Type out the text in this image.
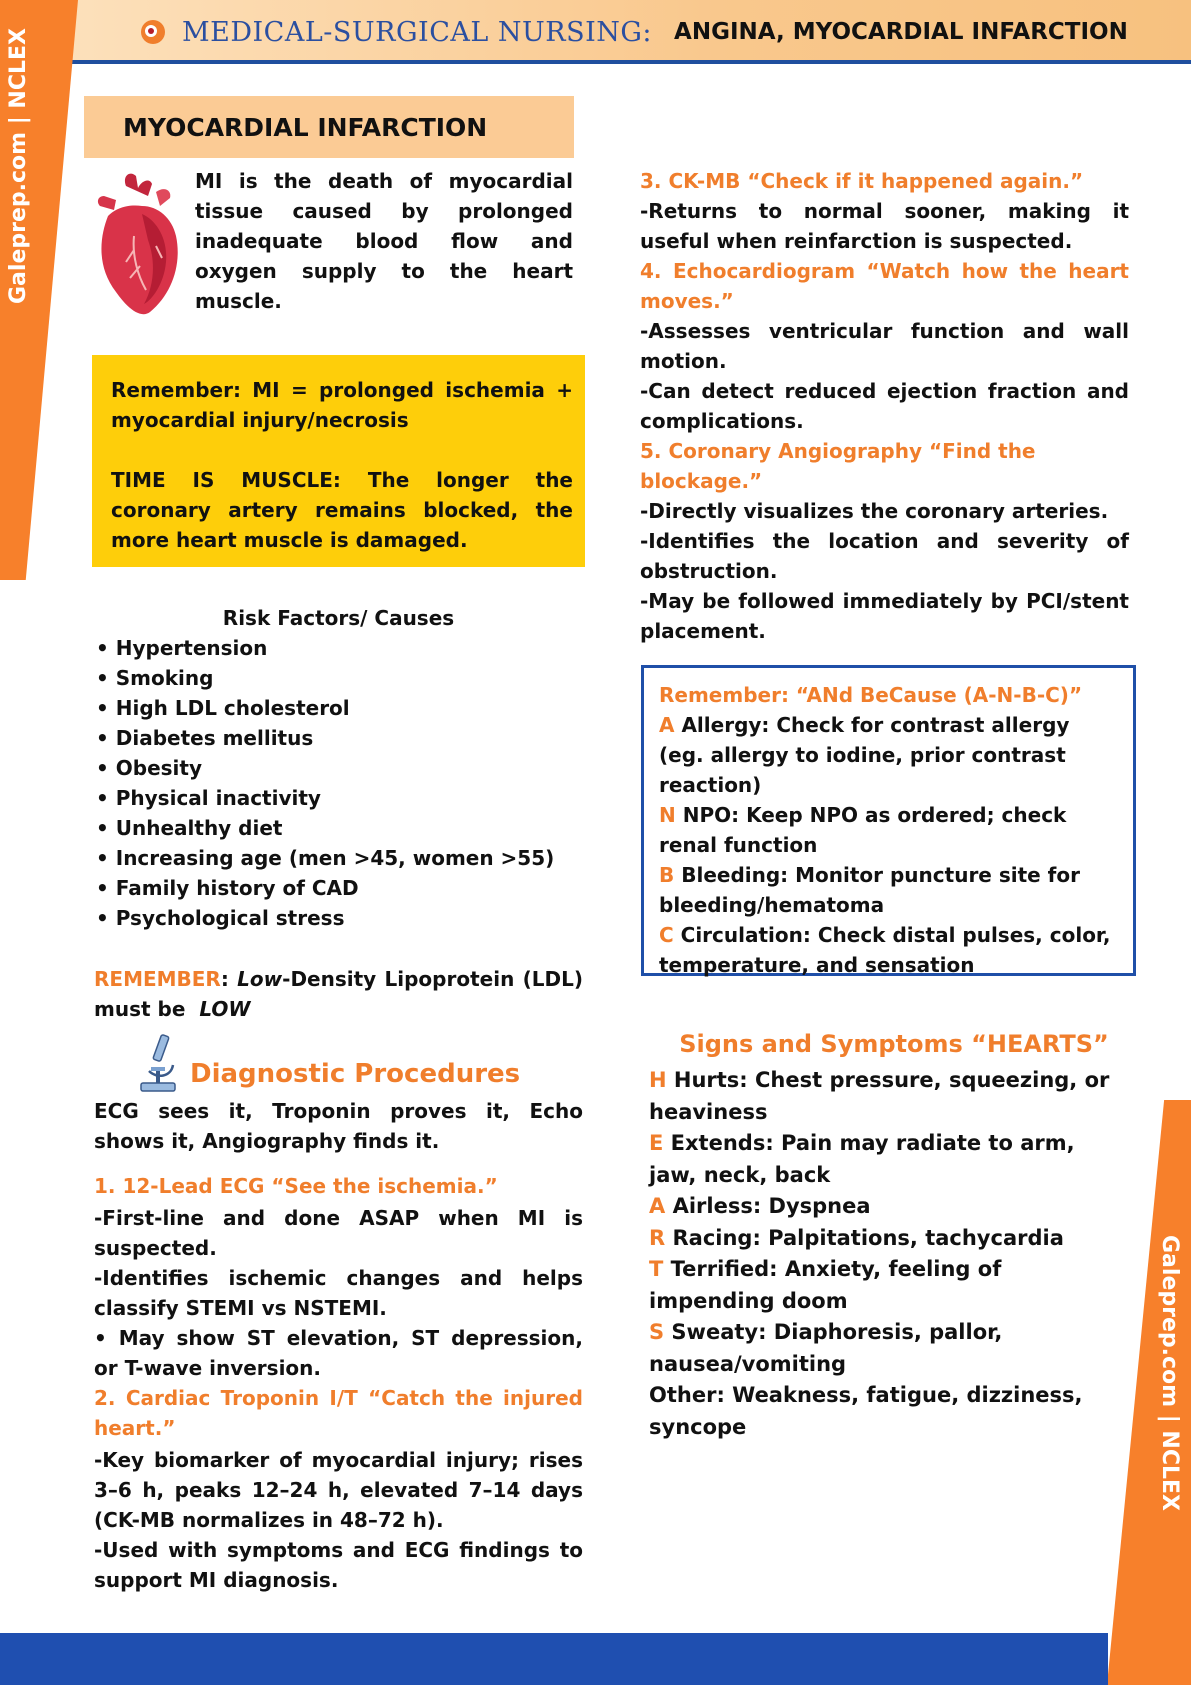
Galeprep.com | NCLEX
Galeprep.com | NCLEX
MEDICAL-SURGICAL NURSING: ANGINA, MYOCARDIAL INFARCTION
MYOCARDIAL INFARCTION

MI is the death of myocardial tissue caused by prolonged inadequate blood flow and oxygen supply to the heart muscle.

Remember: MI = prolonged ischemia + myocardial injury/necrosis

TIME IS MUSCLE: The longer the coronary artery remains blocked, the more heart muscle is damaged.

Risk Factors/ Causes
• Hypertension
• Smoking
• High LDL cholesterol
• Diabetes mellitus
• Obesity
• Physical inactivity
• Unhealthy diet
• Increasing age (men >45, women >55)
• Family history of CAD
• Psychological stress

REMEMBER: Low-Density Lipoprotein (LDL) must be LOW

Diagnostic Procedures

ECG sees it, Troponin proves it, Echo shows it, Angiography finds it.

1. 12-Lead ECG “See the ischemia.”

-First-line and done ASAP when MI is suspected.

-Identifies ischemic changes and helps classify STEMI vs NSTEMI.

• May show ST elevation, ST depression, or T-wave inversion.

2. Cardiac Troponin I/T “Catch the injured heart.”

-Key biomarker of myocardial injury; rises 3–6 h, peaks 12–24 h, elevated 7–14 days (CK-MB normalizes in 48–72 h).

-Used with symptoms and ECG findings to support MI diagnosis.

3. CK-MB “Check if it happened again.”

-Returns to normal sooner, making it useful when reinfarction is suspected.

4. Echocardiogram “Watch how the heart moves.”

-Assesses ventricular function and wall motion.

-Can detect reduced ejection fraction and complications.

5. Coronary Angiography “Find the blockage.”

-Directly visualizes the coronary arteries.

-Identifies the location and severity of obstruction.

-May be followed immediately by PCI/stent placement.

Remember: “ANd BeCause (A-N-B-C)”

A Allergy: Check for contrast allergy (eg. allergy to iodine, prior contrast reaction)

N NPO: Keep NPO as ordered; check renal function

B Bleeding: Monitor puncture site for bleeding/hematoma

C Circulation: Check distal pulses, color, temperature, and sensation

Signs and Symptoms “HEARTS”

H Hurts: Chest pressure, squeezing, or heaviness

E Extends: Pain may radiate to arm, jaw, neck, back

A Airless: Dyspnea

R Racing: Palpitations, tachycardia

T Terrified: Anxiety, feeling of impending doom

S Sweaty: Diaphoresis, pallor, nausea/vomiting

Other: Weakness, fatigue, dizziness, syncope
